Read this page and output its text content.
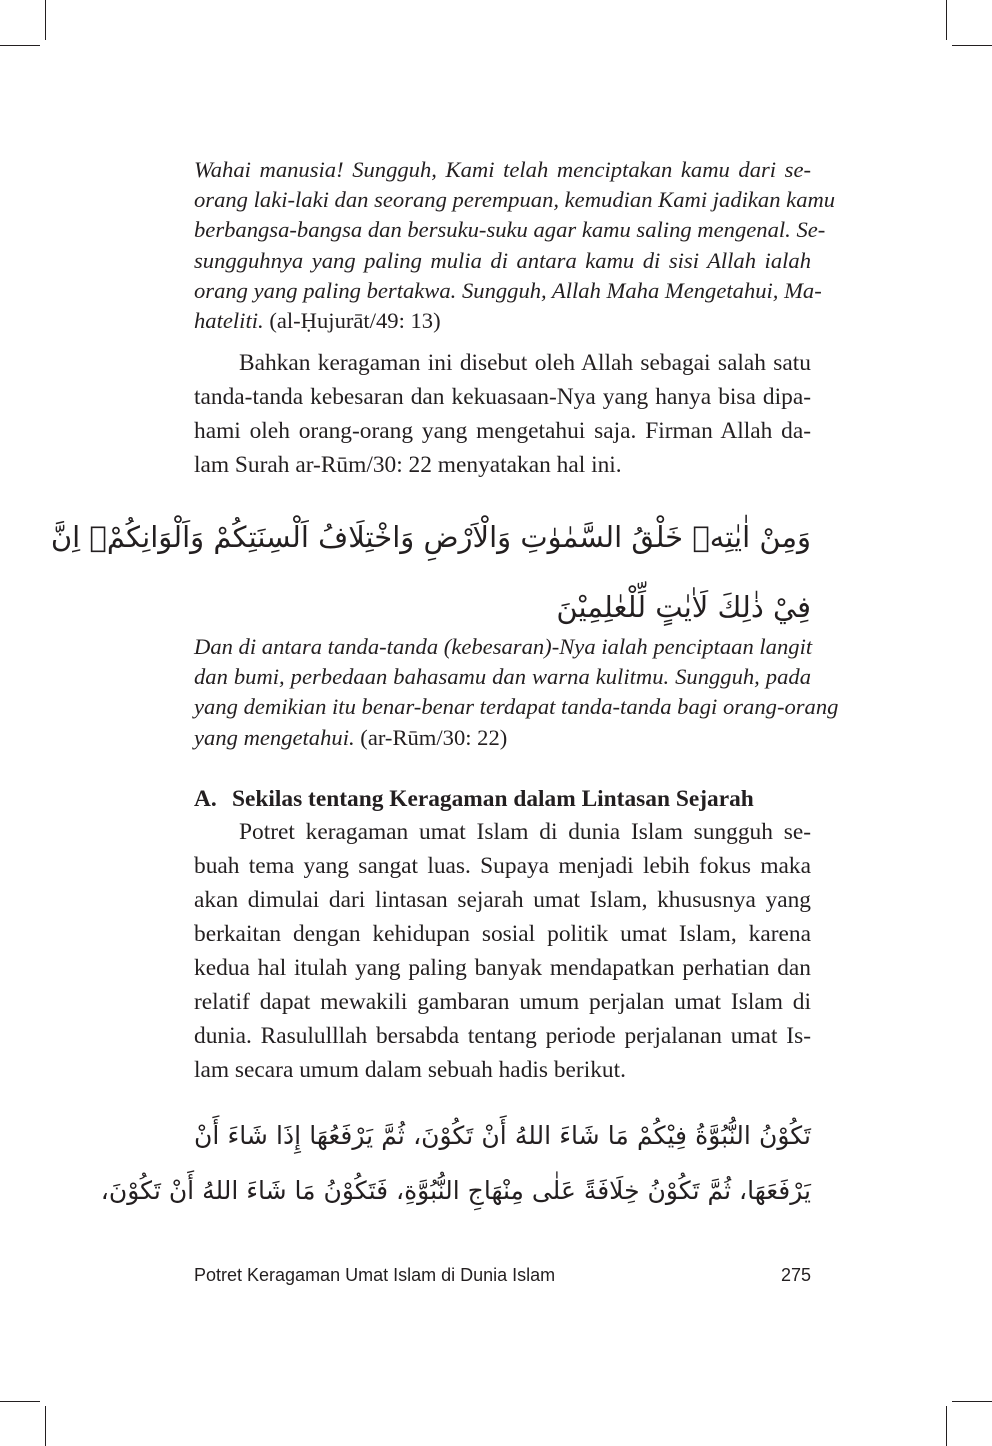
Wahai manusia! Sungguh, Kami telah menciptakan kamu dari se-
orang laki-laki dan seorang perempuan, kemudian Kami jadikan kamu
berbangsa-bangsa dan bersuku-suku agar kamu saling mengenal. Se-
sungguhnya yang paling mulia di antara kamu di sisi Allah ialah
orang yang paling bertakwa. Sungguh, Allah Maha Mengetahui, Ma-
hateliti. (al-Ḥujurāt/49: 13)
Bahkan keragaman ini disebut oleh Allah sebagai salah satu
tanda-tanda kebesaran dan kekuasaan-Nya yang hanya bisa dipa-
hami oleh orang-orang yang mengetahui saja. Firman Allah da-
lam Surah ar-Rūm/30: 22 menyatakan hal ini.
وَمِنْ اٰيٰتِهٖ خَلْقُ السَّمٰوٰتِ وَالْاَرْضِ وَاخْتِلَافُ اَلْسِنَتِكُمْ وَاَلْوَانِكُمْۗ اِنَّ
فِيْ ذٰلِكَ لَاٰيٰتٍ لِّلْعٰلِمِيْنَ
Dan di antara tanda-tanda (kebesaran)-Nya ialah penciptaan langit
dan bumi, perbedaan bahasamu dan warna kulitmu. Sungguh, pada
yang demikian itu benar-benar terdapat tanda-tanda bagi orang-orang
yang mengetahui. (ar-Rūm/30: 22)
A. Sekilas tentang Keragaman dalam Lintasan Sejarah
Potret keragaman umat Islam di dunia Islam sungguh se-
buah tema yang sangat luas. Supaya menjadi lebih fokus maka
akan dimulai dari lintasan sejarah umat Islam, khususnya yang
berkaitan dengan kehidupan sosial politik umat Islam, karena
kedua hal itulah yang paling banyak mendapatkan perhatian dan
relatif dapat mewakili gambaran umum perjalan umat Islam di
dunia. Rasululllah bersabda tentang periode perjalanan umat Is-
lam secara umum dalam sebuah hadis berikut.
تَكُوْنُ النُّبُوَّةُ فِيْكُمْ مَا شَاءَ اللهُ أَنْ تَكُوْنَ، ثُمَّ يَرْفَعُهَا إِذَا شَاءَ أَنْ
يَرْفَعَهَا، ثُمَّ تَكُوْنُ خِلَافَةً عَلٰى مِنْهَاجِ النُّبُوَّةِ، فَتَكُوْنُ مَا شَاءَ اللهُ أَنْ تَكُوْنَ،
Potret Keragaman Umat Islam di Dunia Islam	275
